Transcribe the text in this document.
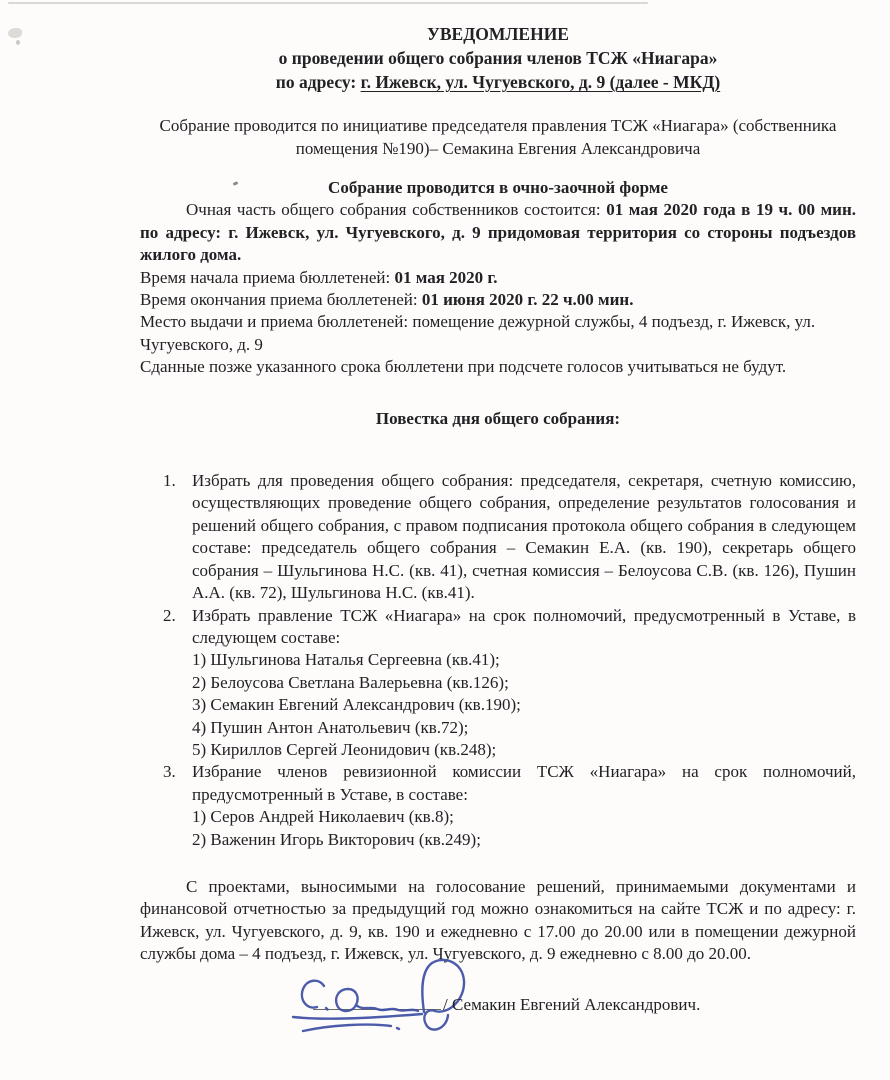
УВЕДОМЛЕНИЕ
о проведении общего собрания членов ТСЖ «Ниагара»
по адресу: г. Ижевск, ул. Чугуевского, д. 9 (далее - МКД)

Собрание проводится по инициативе председателя правления ТСЖ «Ниагара» (собственника помещения №190)– Семакина Евгения Александровича

Собрание проводится в очно-заочной форме

Очная часть общего собрания собственников состоится: 01 мая 2020 года в 19 ч. 00 мин. по адресу: г. Ижевск, ул. Чугуевского, д. 9 придомовая территория со стороны подъездов жилого дома.
Время начала приема бюллетеней: 01 мая 2020 г.
Время окончания приема бюллетеней: 01 июня 2020 г. 22 ч.00 мин.
Место выдачи и приема бюллетеней: помещение дежурной службы, 4 подъезд, г. Ижевск, ул. Чугуевского, д. 9
Сданные позже указанного срока бюллетени при подсчете голосов учитываться не будут.

Повестка дня общего собрания:

1. Избрать для проведения общего собрания: председателя, секретаря, счетную комиссию, осуществляющих проведение общего собрания, определение результатов голосования и решений общего собрания, с правом подписания протокола общего собрания в следующем составе: председатель общего собрания – Семакин Е.А. (кв. 190), секретарь общего собрания – Шульгинова Н.С. (кв. 41), счетная комиссия – Белоусова С.В. (кв. 126), Пушин А.А. (кв. 72), Шульгинова Н.С. (кв.41).
2. Избрать правление ТСЖ «Ниагара» на срок полномочий, предусмотренный в Уставе, в следующем составе:
1) Шульгинова Наталья Сергеевна (кв.41);
2) Белоусова Светлана Валерьевна (кв.126);
3) Семакин Евгений Александрович (кв.190);
4) Пушин Антон Анатольевич (кв.72);
5) Кириллов Сергей Леонидович (кв.248);
3. Избрание членов ревизионной комиссии ТСЖ «Ниагара» на срок полномочий, предусмотренный в Уставе, в составе:
1) Серов Андрей Николаевич (кв.8);
2) Важенин Игорь Викторович (кв.249);

С проектами, выносимыми на голосование решений, принимаемыми документами и финансовой отчетностью за предыдущий год можно ознакомиться на сайте ТСЖ и по адресу: г. Ижевск, ул. Чугуевского, д. 9, кв. 190 и ежедневно с 17.00 до 20.00 или в помещении дежурной службы дома – 4 подъезд, г. Ижевск, ул. Чугуевского, д. 9 ежедневно с 8.00 до 20.00.

/ Семакин Евгений Александрович.
